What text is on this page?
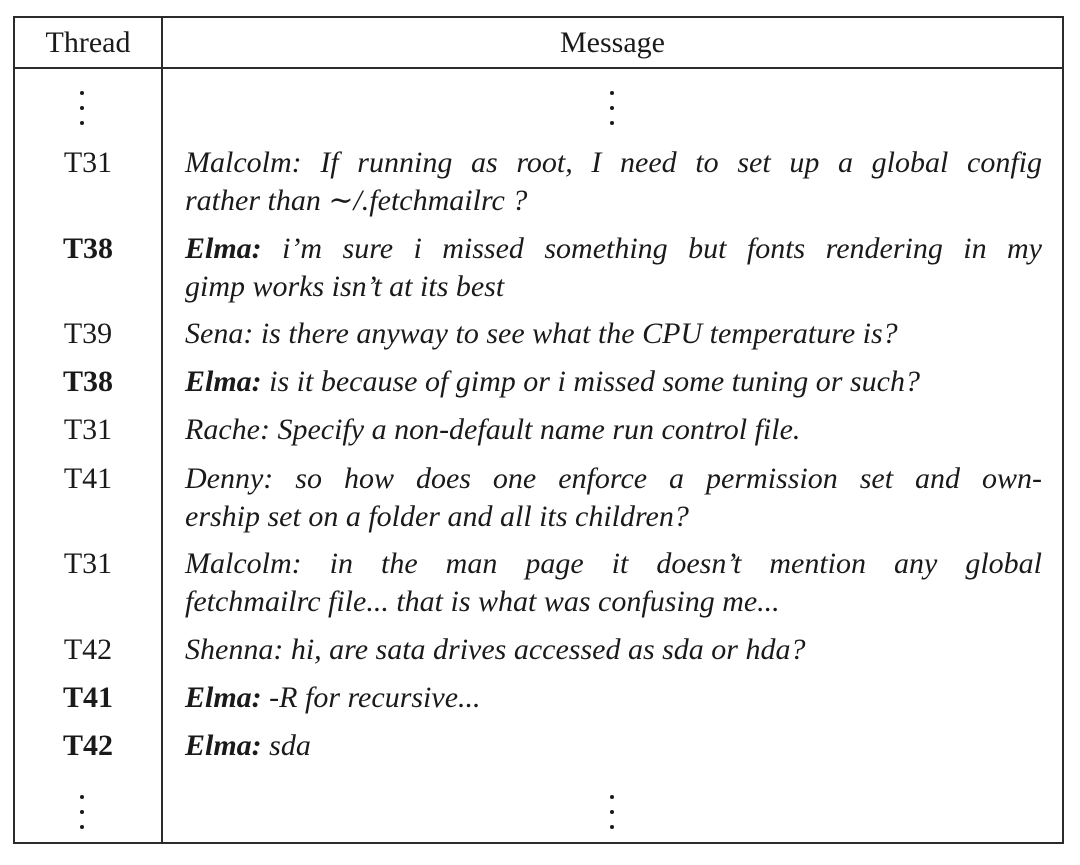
Thread	Message
T31	Malcolm: If running as root, I need to set up a global config
rather than ∼/.fetchmailrc ?
T38	Elma: i’m sure i missed something but fonts rendering in my
gimp works isn’t at its best
T39	Sena: is there anyway to see what the CPU temperature is?
T38	Elma: is it because of gimp or i missed some tuning or such?
T31	Rache: Specify a non-default name run control file.
T41	Denny: so how does one enforce a permission set and own-
ership set on a folder and all its children?
T31	Malcolm: in the man page it doesn’t mention any global
fetchmailrc file... that is what was confusing me...
T42	Shenna: hi, are sata drives accessed as sda or hda?
T41	Elma: -R for recursive...
T42	Elma: sda
